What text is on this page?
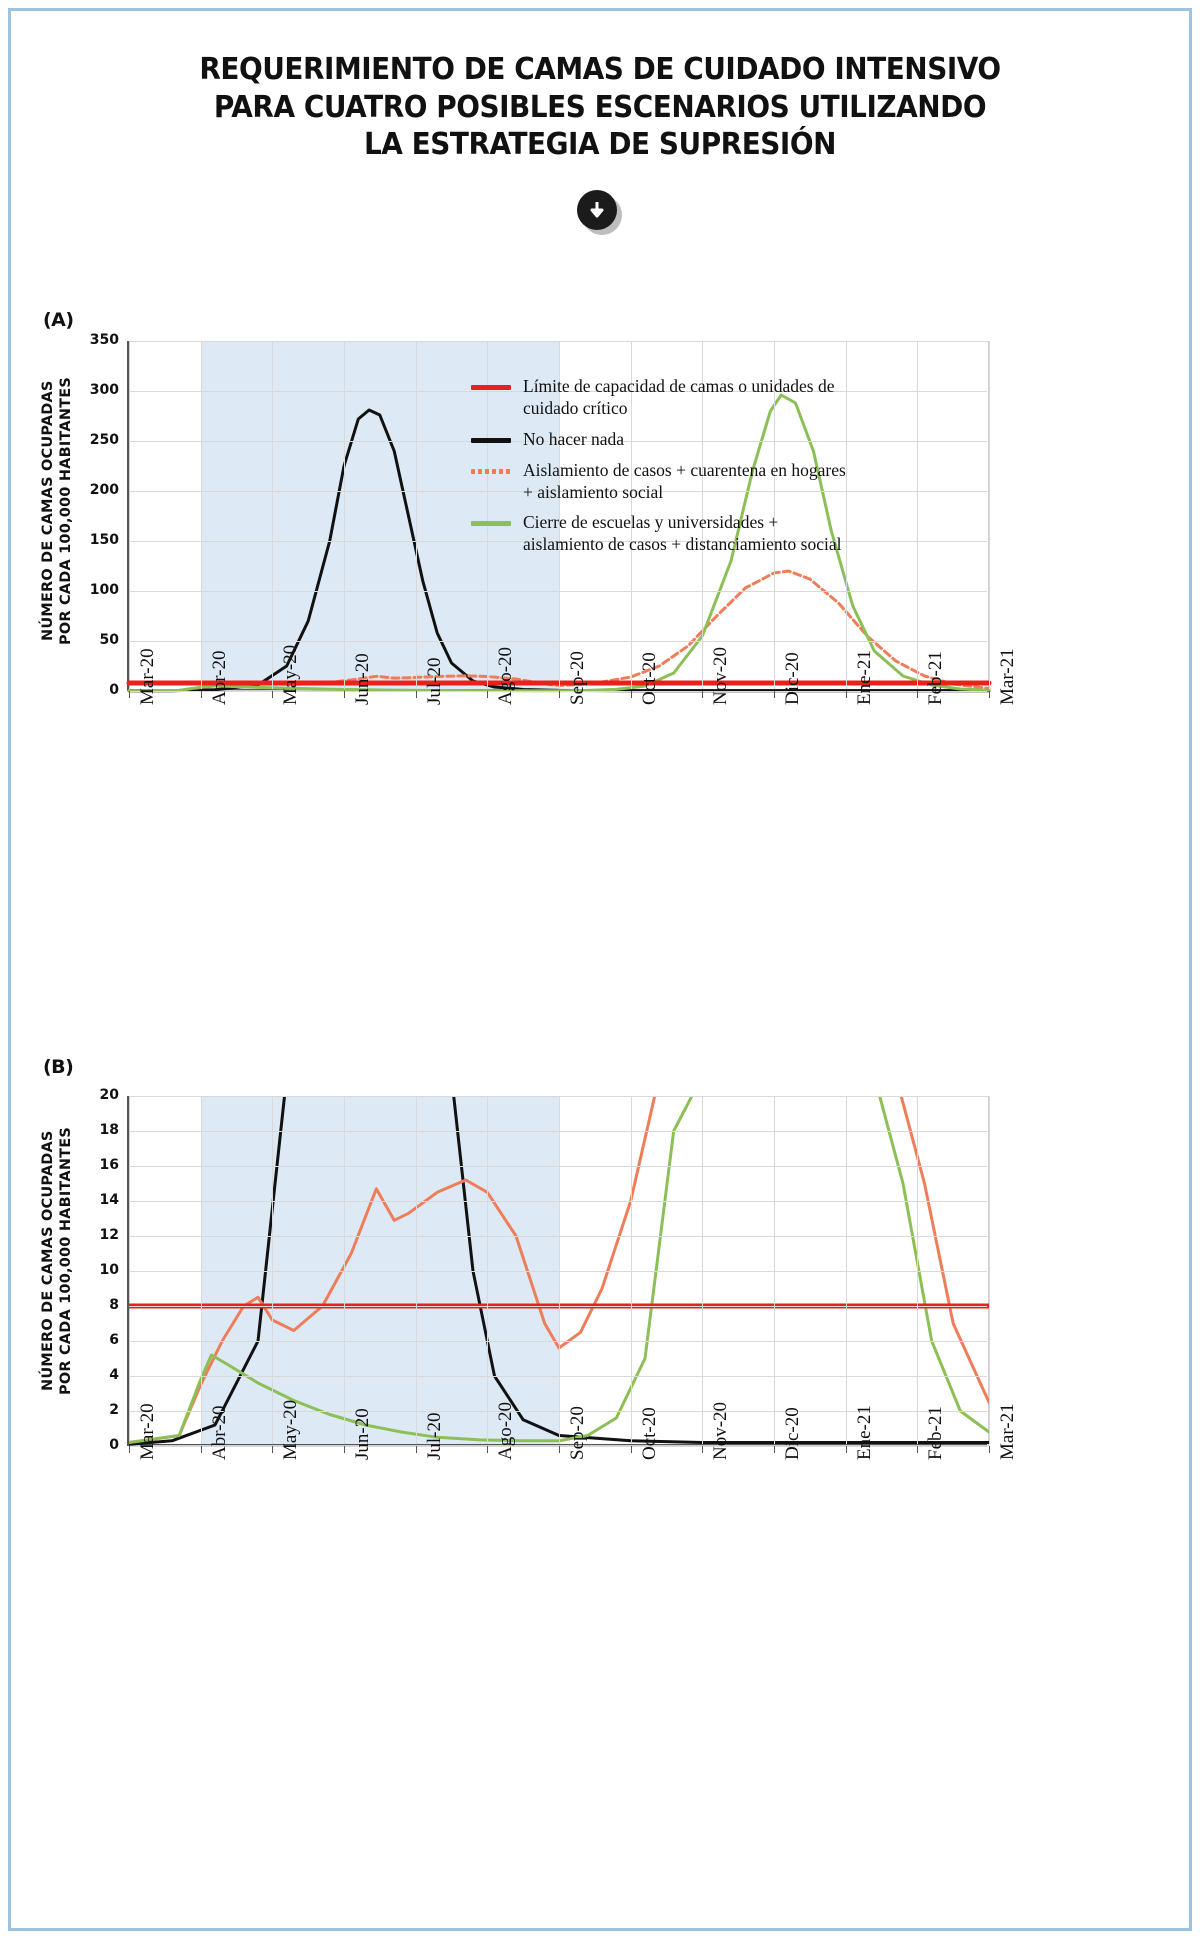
REQUERIMIENTO DE CAMAS DE CUIDADO INTENSIVO PARA CUATRO POSIBLES ESCENARIOS UTILIZANDO LA ESTRATEGIA DE SUPRESIÓN
(A)
NÚMERO DE CAMAS OCUPADAS POR CADA 100,000 HABITANTES
0
50
100
150
200
250
300
350
Mar-20	Abr-20	May-20	Jun-20	Jul-20	Ago-20	Sep-20	Oct-20	Nov-20	Dic-20	Ene-21	Feb-21	Mar-21
(B)
NÚMERO DE CAMAS OCUPADAS POR CADA 100,000 HABITANTES
0
2
4
6
8
10
12
14
16
18
20
Mar-20	Abr-20	May-20	Jun-20	Jul-20	Ago-20	Sep-20	Oct-20	Nov-20	Dic-20	Ene-21	Feb-21	Mar-21
Límite de capacidad de camas o unidades de cuidado crítico
No hacer nada
Aislamiento de casos + cuarentena en hogares + aislamiento social
Cierre de escuelas y universidades + aislamiento de casos + distanciamiento social
